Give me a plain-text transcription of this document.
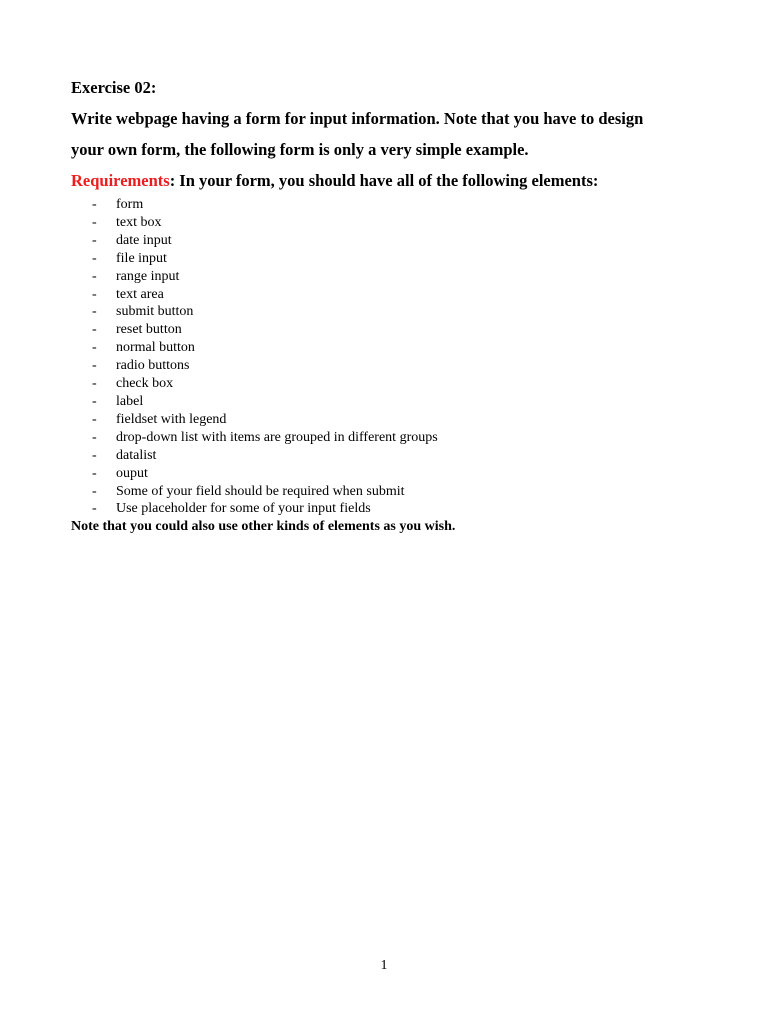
Exercise 02:

Write webpage having a form for input information. Note that you have to design

your own form, the following form is only a very simple example.

Requirements: In your form, you should have all of the following elements:

- form
- text box
- date input
- file input
- range input
- text area
- submit button
- reset button
- normal button
- radio buttons
- check box
- label
- fieldset with legend
- drop-down list with items are grouped in different groups
- datalist
- ouput
- Some of your field should be required when submit
- Use placeholder for some of your input fields

Note that you could also use other kinds of elements as you wish.

1
